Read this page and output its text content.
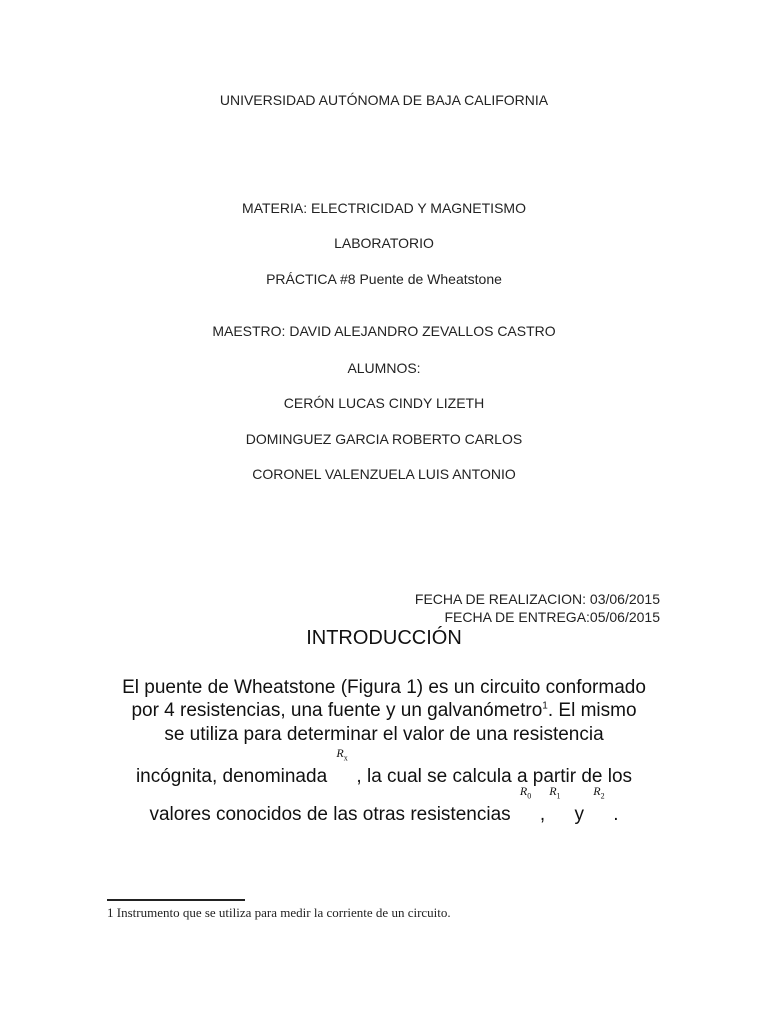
UNIVERSIDAD AUTÓNOMA DE BAJA CALIFORNIA
MATERIA: ELECTRICIDAD Y MAGNETISMO
LABORATORIO
PRÁCTICA #8 Puente de Wheatstone
MAESTRO: DAVID ALEJANDRO ZEVALLOS CASTRO
ALUMNOS:
CERÓN LUCAS CINDY LIZETH
DOMINGUEZ GARCIA ROBERTO CARLOS
CORONEL VALENZUELA LUIS ANTONIO
FECHA DE REALIZACION: 03/06/2015
FECHA DE ENTREGA:05/06/2015
INTRODUCCIÓN
El puente de Wheatstone (Figura 1) es un circuito conformado
por 4 resistencias, una fuente y un galvanómetro$^1$. El mismo
se utiliza para determinar el valor de una resistencia
incógnita, denominada
$R_x$
, la cual se calcula a partir de los
valores conocidos de las otras resistencias
$R_0$
,
$R_1$
y
$R_2$
.
1 Instrumento que se utiliza para medir la corriente de un circuito.
